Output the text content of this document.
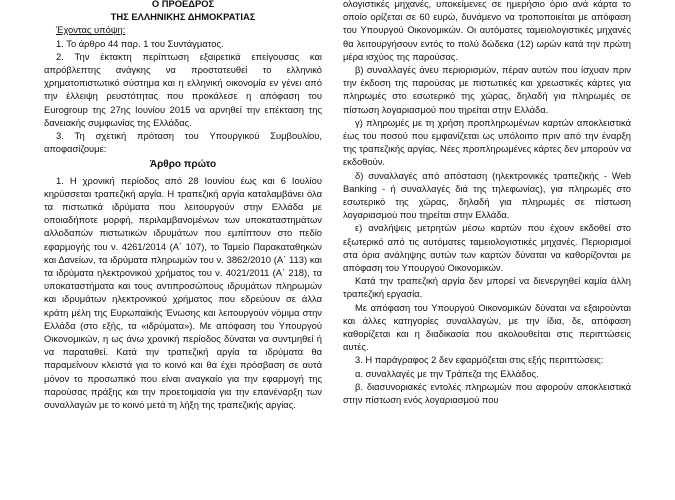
Ο ΠΡΟΕΔΡΟΣ

ΤΗΣ ΕΛΛΗΝΙΚΗΣ ΔΗΜΟΚΡΑΤΙΑΣ

Έχοντας υπόψη:

1. Το άρθρο 44 παρ. 1 του Συντάγματος.

2. Την έκτακτη περίπτωση εξαιρετικά επείγουσας και απρόβλεπτης ανάγκης να προστατευθεί το ελληνικό χρηματοπιστωτικό σύστημα και η ελληνική οικονομία εν γένει από την έλλειψη ρευστότητας που προκάλεσε η απόφαση του Eurogroup της 27ης Ιουνίου 2015 να αρνηθεί την επέκταση της δανειακής συμφωνίας της Ελλάδας.

3. Τη σχετική πρόταση του Υπουργικού Συμβουλίου, αποφασίζουμε:

Άρθρο πρώτο

1. Η χρονική περίοδος από 28 Ιουνίου έως και 6 Ιουλίου κηρύσσεται τραπεζική αργία. Η τραπεζική αργία καταλαμβάνει όλα τα πιστωτικά ιδρύματα που λειτουργούν στην Ελλάδα με οποιαδήποτε μορφή, περιλαμβανομένων των υποκαταστημάτων αλλοδαπών πιστωτικών ιδρυμάτων που εμπίπτουν στο πεδίο εφαρμογής του ν. 4261/2014 (Α΄ 107), το Ταμείο Παρακαταθηκών και Δανείων, τα ιδρύματα πληρωμών του ν. 3862/2010 (Α΄ 113) και τα ιδρύματα ηλεκτρονικού χρήματος του ν. 4021/2011 (Α΄ 218), τα υποκαταστήματα και τους αντιπροσώπους ιδρυμάτων πληρωμών και ιδρυμάτων ηλεκτρονικού χρήματος που εδρεύουν σε άλλα κράτη μέλη της Ευρωπαϊκής Ένωσης και λειτουργούν νόμιμα στην Ελλάδα (στο εξής, τα «ιδρύματα»). Με απόφαση του Υπουργού Οικονομικών, η ως άνω χρονική περίοδος δύναται να συντμηθεί ή να παραταθεί. Κατά την τραπεζική αργία τα ιδρύματα θα παραμείνουν κλειστά για το κοινό και θα έχει πρόσβαση σε αυτά μόνον το προσωπικό που είναι αναγκαίο για την εφαρμογή της παρούσας πράξης και την προετοιμασία για την επανέναρξη των συναλλαγών με το κοινό μετά τη λήξη της τραπεζικής αργίας.

ολογιστικές μηχανές, υποκείμενες σε ημερήσιο όριο ανά κάρτα το οποίο ορίζεται σε 60 ευρώ, δυνάμενο να τροποποιείται με απόφαση του Υπουργού Οικονομικών. Οι αυτόματες ταμειολογιστικές μηχανές θα λειτουργήσουν εντός το πολύ δώδεκα (12) ωρών κατά την πρώτη μέρα ισχύος της παρούσας.

β) συναλλαγές άνευ περιορισμών, πέραν αυτών που ίσχυαν πριν την έκδοση της παρούσας με πιστωτικές και χρεωστικές κάρτες για πληρωμές στο εσωτερικό της χώρας, δηλαδή για πληρωμές σε πίστωση λογαριασμού που τηρείται στην Ελλάδα.

γ) πληρωμές με τη χρήση προπληρωμένων καρτών αποκλειστικά έως του ποσού που εμφανίζεται ως υπόλοιπο πριν από την έναρξη της τραπεζικής αργίας. Νέες προπληρωμένες κάρτες δεν μπορούν να εκδοθούν.

δ) συναλλαγές από απόσταση (ηλεκτρονικές τραπεζικής - Web Banking - ή συναλλαγές διά της τηλεφωνίας), για πληρωμές στο εσωτερικό της χώρας, δηλαδή για πληρωμές σε πίστωση λογαριασμού που τηρείται στην Ελλάδα.

ε) αναλήψεις μετρητών μέσω καρτών που έχουν εκδοθεί στο εξωτερικό από τις αυτόματες ταμειολογιστικές μηχανές. Περιορισμοί στα όρια ανάληψης αυτών των καρτών δύναται να καθορίζονται με απόφαση του Υπουργού Οικονομικών.

Κατά την τραπεζική αργία δεν μπορεί να διενεργηθεί καμία άλλη τραπεζική εργασία.

Με απόφαση του Υπουργού Οικονομικών δύναται να εξαιρούνται και άλλες κατηγορίες συναλλαγών, με την ίδια, δε, απόφαση καθορίζεται και η διαδικασία που ακολουθείται στις περιπτώσεις αυτές.

3. Η παράγραφος 2 δεν εφαρμόζεται στις εξής περιπτώσεις:

α. συναλλαγές με την Τράπεζα της Ελλάδος.

β. διασυνοριακές εντολές πληρωμών που αφορούν αποκλειστικά στην πίστωση ενός λογαριασμού που
